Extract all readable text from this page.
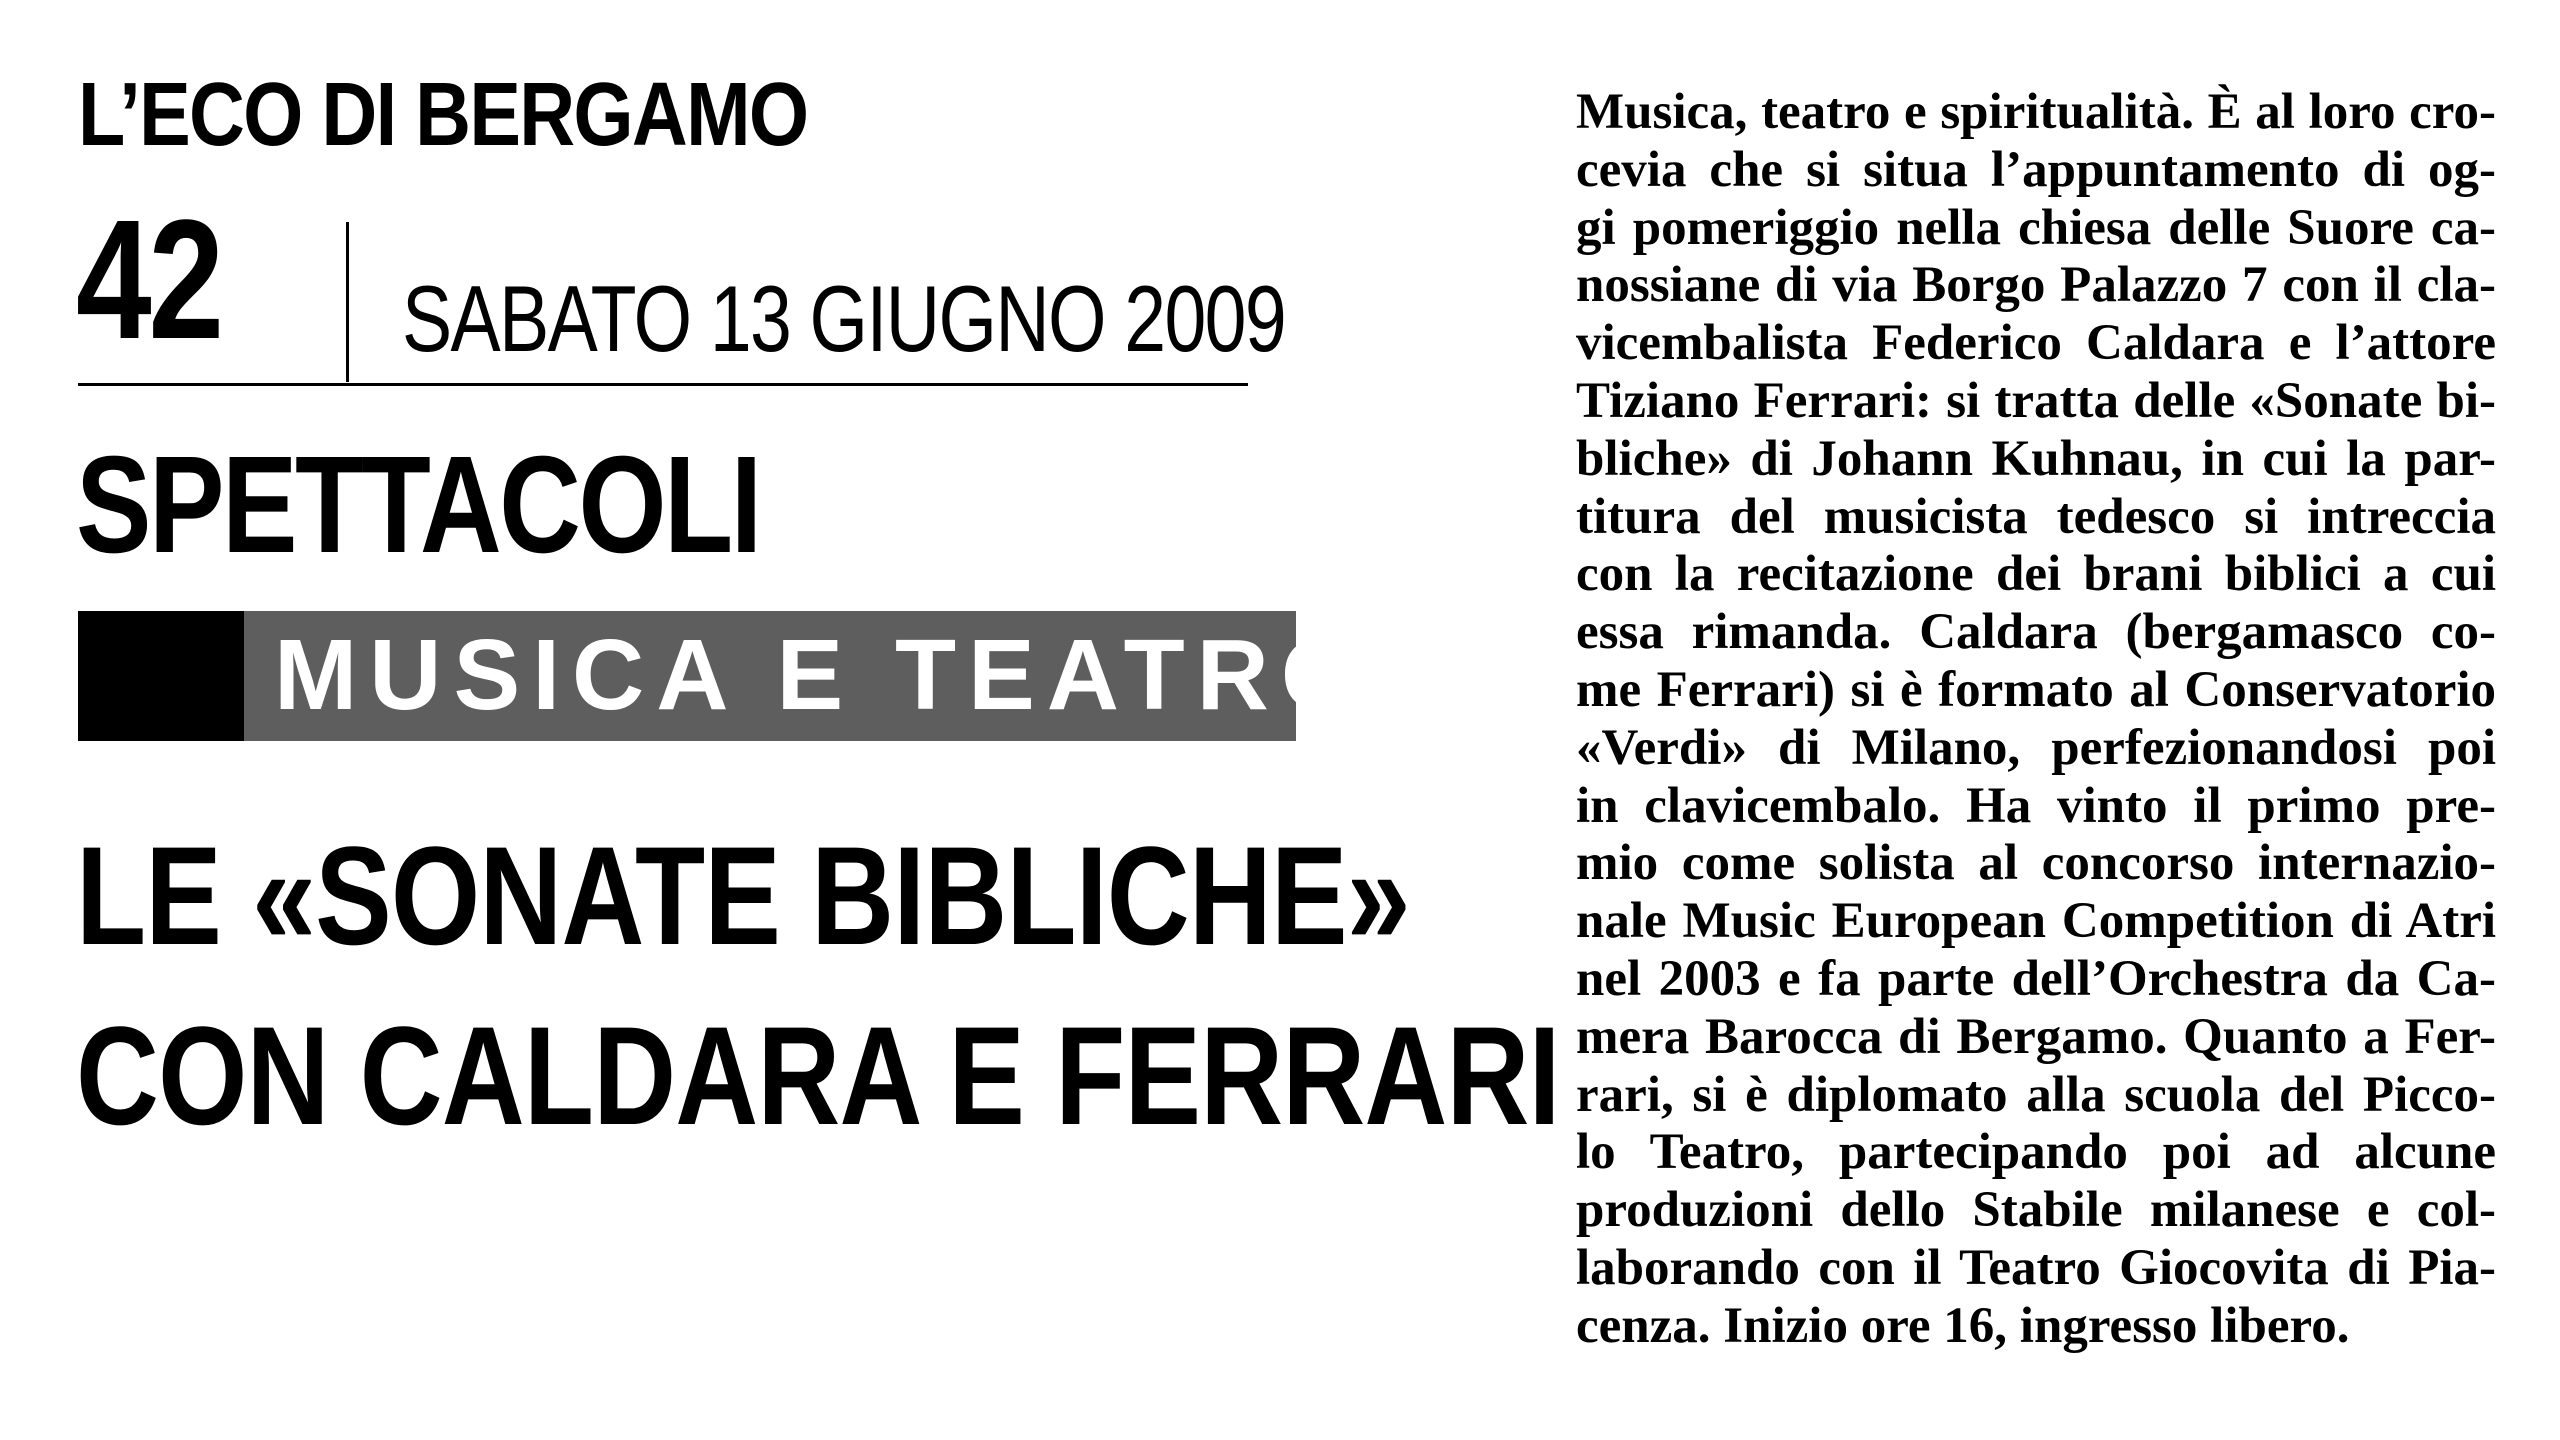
L’ECO DI BERGAMO
42 SABATO 13 GIUGNO 2009
SPETTACOLI
MUSICA E TEATRO
LE «SONATE BIBLICHE»
CON CALDARA E FERRARI
Musica, teatro e spiritualità. È al loro cro-
cevia che si situa l’appuntamento di og-
gi pomeriggio nella chiesa delle Suore ca-
nossiane di via Borgo Palazzo 7 con il cla-
vicembalista Federico Caldara e l’attore
Tiziano Ferrari: si tratta delle «Sonate bi-
bliche» di Johann Kuhnau, in cui la par-
titura del musicista tedesco si intreccia
con la recitazione dei brani biblici a cui
essa rimanda. Caldara (bergamasco co-
me Ferrari) si è formato al Conservatorio
«Verdi» di Milano, perfezionandosi poi
in clavicembalo. Ha vinto il primo pre-
mio come solista al concorso internazio-
nale Music European Competition di Atri
nel 2003 e fa parte dell’Orchestra da Ca-
mera Barocca di Bergamo. Quanto a Fer-
rari, si è diplomato alla scuola del Picco-
lo Teatro, partecipando poi ad alcune
produzioni dello Stabile milanese e col-
laborando con il Teatro Giocovita di Pia-
cenza. Inizio ore 16, ingresso libero.
